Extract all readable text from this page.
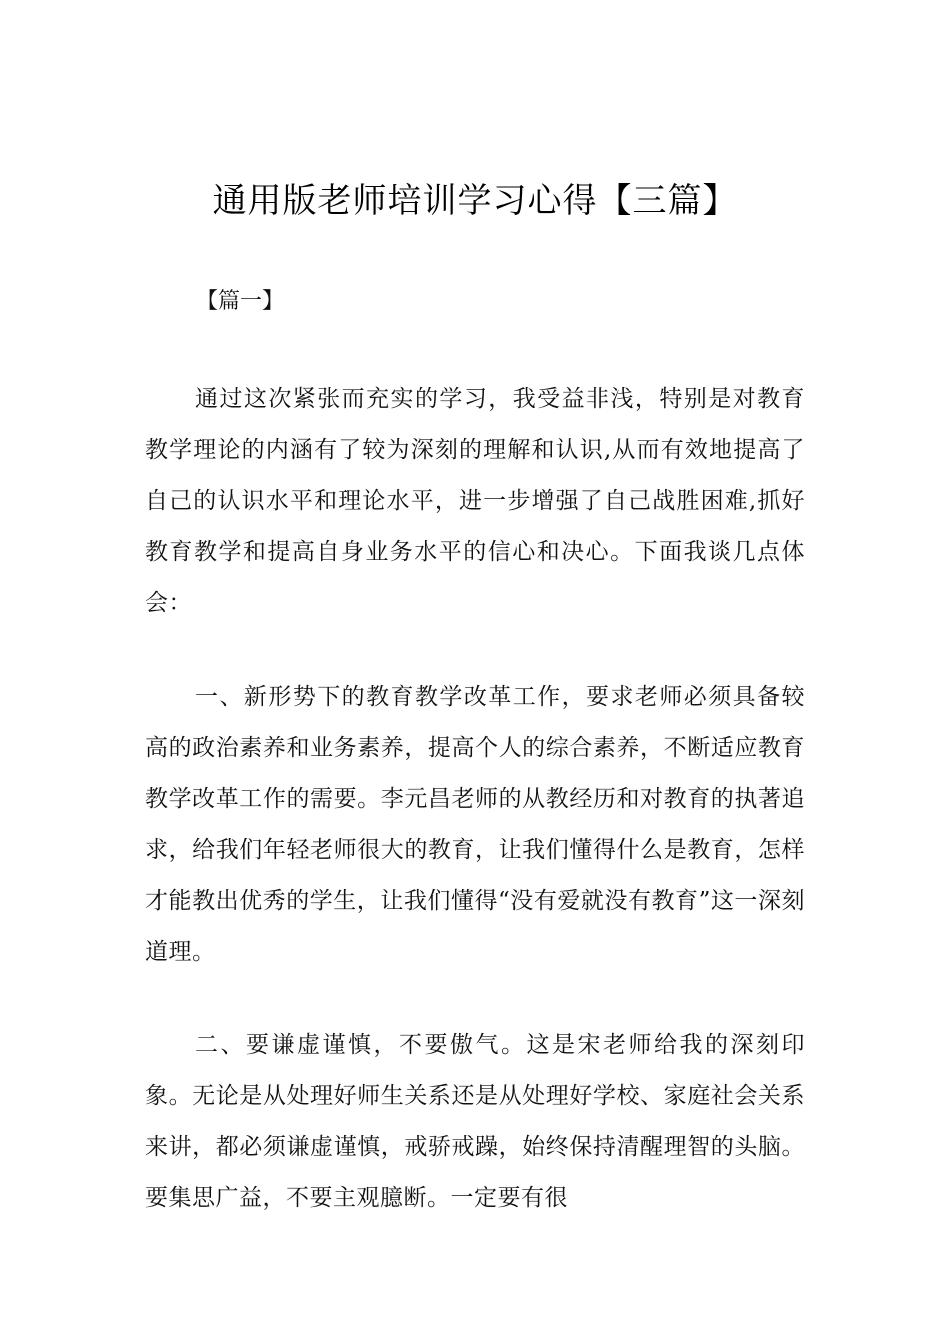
通用版老师培训学习心得【三篇】
【篇一】
通过这次紧张而充实的学习，我受益非浅，特别是对教育教学理论的内涵有了较为深刻的理解和认识,从而有效地提高了自己的认识水平和理论水平，进一步增强了自己战胜困难,抓好教育教学和提高自身业务水平的信心和决心。下面我谈几点体会：
一、新形势下的教育教学改革工作，要求老师必须具备较高的政治素养和业务素养，提高个人的综合素养，不断适应教育教学改革工作的需要。李元昌老师的从教经历和对教育的执著追求，给我们年轻老师很大的教育，让我们懂得什么是教育，怎样才能教出优秀的学生，让我们懂得“没有爱就没有教育”这一深刻道理。
二、要谦虚谨慎，不要傲气。这是宋老师给我的深刻印象。无论是从处理好师生关系还是从处理好学校、家庭社会关系来讲，都必须谦虚谨慎，戒骄戒躁，始终保持清醒理智的头脑。要集思广益，不要主观臆断。一定要有很
